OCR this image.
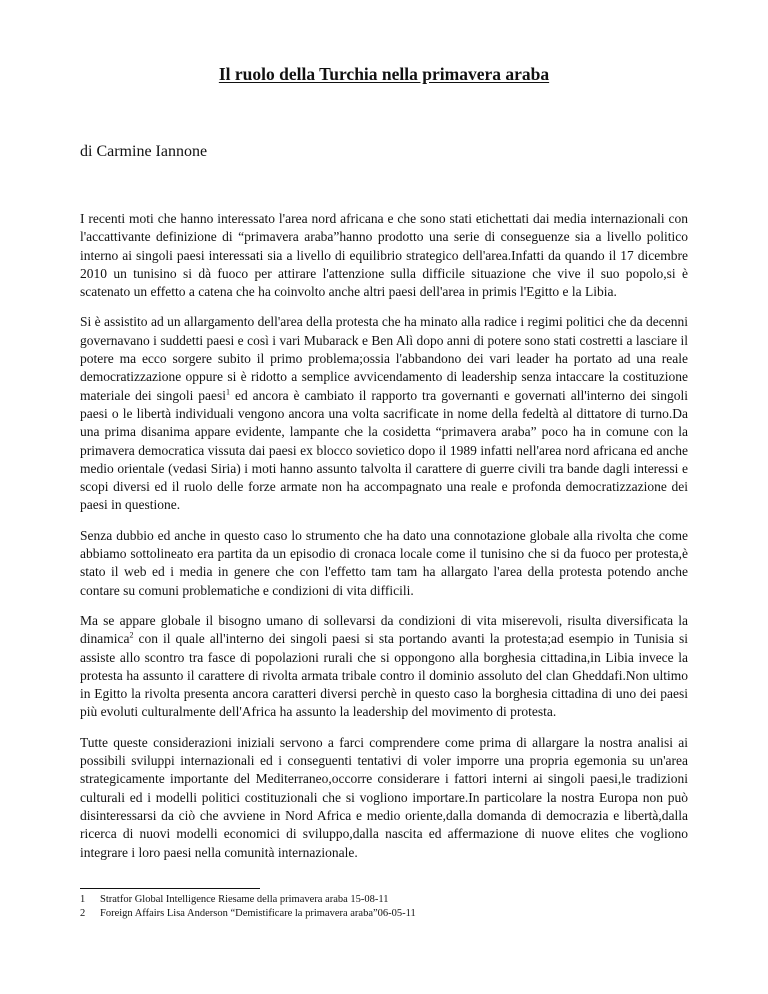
Il ruolo della Turchia nella primavera araba
di Carmine Iannone

I recenti moti che hanno interessato l'area nord africana e che sono stati etichettati dai media internazionali con l'accattivante definizione di “primavera araba”hanno prodotto una serie di conseguenze sia a livello politico interno ai singoli paesi interessati sia a livello di equilibrio strategico dell'area.Infatti da quando il 17 dicembre 2010 un tunisino si dà fuoco per attirare l'attenzione sulla difficile situazione che vive il suo popolo,si è scatenato un effetto a catena che ha coinvolto anche altri paesi dell'area in primis l'Egitto e la Libia.

Si è assistito ad un allargamento dell'area della protesta che ha minato alla radice i regimi politici che da decenni governavano i suddetti paesi e così i vari Mubarack e Ben Alì dopo anni di potere sono stati costretti a lasciare il potere ma ecco sorgere subito il primo problema;ossia l'abbandono dei vari leader ha portato ad una reale democratizzazione oppure si è ridotto a semplice avvicendamento di leadership senza intaccare la costituzione materiale dei singoli paesi$^1$ ed ancora è cambiato il rapporto tra governanti e governati all'interno dei singoli paesi o le libertà individuali vengono ancora una volta sacrificate in nome della fedeltà al dittatore di turno.Da una prima disanima appare evidente, lampante che la cosidetta “primavera araba” poco ha in comune con la primavera democratica vissuta dai paesi ex blocco sovietico dopo il 1989 infatti nell'area nord africana ed anche medio orientale (vedasi Siria) i moti hanno assunto talvolta il carattere di guerre civili tra bande dagli interessi e scopi diversi ed il ruolo delle forze armate non ha accompagnato una reale e profonda democratizzazione dei paesi in questione.

Senza dubbio ed anche in questo caso lo strumento che ha dato una connotazione globale alla rivolta che come abbiamo sottolineato era partita da un episodio di cronaca locale come il tunisino che si da fuoco per protesta,è stato il web ed i media in genere che con l'effetto tam tam ha allargato l'area della protesta potendo anche contare su comuni problematiche e condizioni di vita difficili.

Ma se appare globale il bisogno umano di sollevarsi da condizioni di vita miserevoli, risulta diversificata la dinamica$^2$ con il quale all'interno dei singoli paesi si sta portando avanti la protesta;ad esempio in Tunisia si assiste allo scontro tra fasce di popolazioni rurali che si oppongono alla borghesia cittadina,in Libia invece la protesta ha assunto il carattere di rivolta armata tribale contro il dominio assoluto del clan Gheddafi.Non ultimo in Egitto la rivolta presenta ancora caratteri diversi perchè in questo caso la borghesia cittadina di uno dei paesi più evoluti culturalmente dell'Africa ha assunto la leadership del movimento di protesta.

Tutte queste considerazioni iniziali servono a farci comprendere come prima di allargare la nostra analisi ai possibili sviluppi internazionali ed i conseguenti tentativi di voler imporre una propria egemonia su un'area strategicamente importante del Mediterraneo,occorre considerare i fattori interni ai singoli paesi,le tradizioni culturali ed i modelli politici costituzionali che si vogliono importare.In particolare la nostra Europa non può disinteressarsi da ciò che avviene in Nord Africa e medio oriente,dalla domanda di democrazia e libertà,dalla ricerca di nuovi modelli economici di sviluppo,dalla nascita ed affermazione di nuove elites che vogliono integrare i loro paesi nella comunità internazionale.

1	Stratfor Global Intelligence Riesame della primavera araba 15-08-11
2	Foreign Affairs Lisa Anderson “Demistificare la primavera araba”06-05-11
